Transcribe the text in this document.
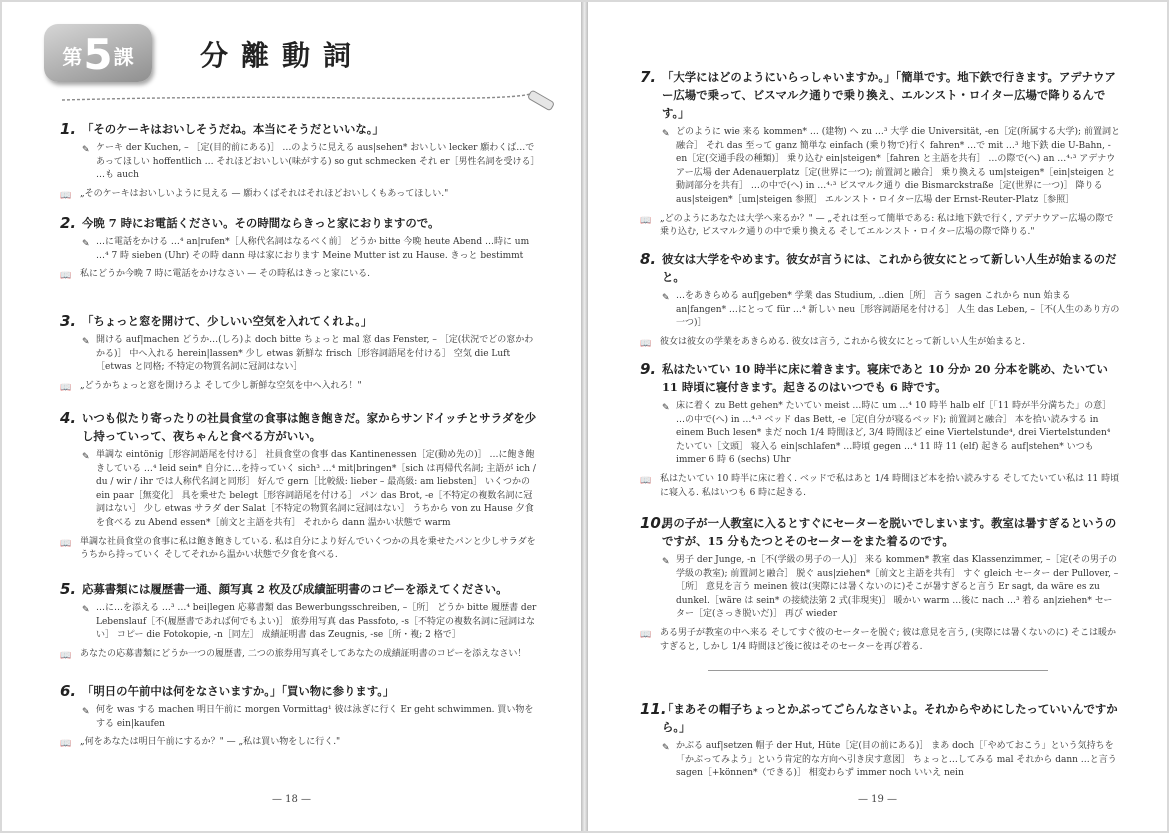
第 5 課 分離動詞
1. 「そのケーキはおいしそうだね。本当にそうだといいな。」
✎ ケーキ der Kuchen, – ［定(目的前にある)］ …のように見える aus|sehen* おいしい lecker 願わくば…であってほしい hoffentlich … それほどおいしい(味がする) so gut schmecken それ er［男性名詞を受ける］ …も auch
📖 „そのケーキはおいしいように見える — 願わくばそれはそれほどおいしくもあってほしい."
2. 今晩 7 時にお電話ください。その時間ならきっと家におりますので。
✎ …に電話をかける …⁴ an|rufen*［人称代名詞はなるべく前］ どうか bitte 今晩 heute Abend …時に um …⁴ 7 時 sieben (Uhr) その時 dann 母は家におります Meine Mutter ist zu Hause. きっと bestimmt
📖 私にどうか今晩 7 時に電話をかけなさい — その時私はきっと家にいる.
3. 「ちょっと窓を開けて、少しいい空気を入れてくれよ。」
✎ 開ける auf|machen どうか…(しろ)よ doch bitte ちょっと mal 窓 das Fenster, – ［定(状況でどの窓かわかる)］ 中へ入れる herein|lassen* 少し etwas 新鮮な frisch［形容詞語尾を付ける］ 空気 die Luft［etwas と同格; 不特定の物質名詞に冠詞はない］
📖 „どうかちょっと窓を開けろよ そして少し新鮮な空気を中へ入れろ！"
4. いつも似たり寄ったりの社員食堂の食事は飽き飽きだ。家からサンドイッチとサラダを少し持っていって、夜ちゃんと食べる方がいい。
✎ 単調な eintönig［形容詞語尾を付ける］ 社員食堂の食事 das Kantinenessen［定(動め先の)］ …に飽き飽きしている …⁴ leid sein* 自分に…を持っていく sich³ …⁴ mit|bringen*［sich は再帰代名詞; 主語が ich / du / wir / ihr では人称代名詞と同形］ 好んで gern［比較級: lieber – 最高級: am liebsten］ いくつかの ein paar［無変化］ 具を乗せた belegt［形容詞語尾を付ける］ パン das Brot, -e［不特定の複数名詞に冠詞はない］ 少し etwas サラダ der Salat［不特定の物質名詞に冠詞はない］ うちから von zu Hause 夕食を食べる zu Abend essen*［前文と主語を共有］ それから dann 温かい状態で warm
📖 単調な社員食堂の食事に私は飽き飽きしている. 私は自分により好んでいくつかの具を乗せたパンと少しサラダをうちから持っていく そしてそれから温かい状態で夕食を食べる.
5. 応募書類には履歴書一通、顔写真 2 枚及び成績証明書のコピーを添えてください。
✎ …に…を添える …³ …⁴ bei|legen 応募書類 das Bewerbungsschreiben, –［所］ どうか bitte 履歴書 der Lebenslauf［不(履歴書であれば何でもよい)］ 旅券用写真 das Passfoto, -s［不特定の複数名詞に冠詞はない］ コピー die Fotokopie, -n［同左］ 成績証明書 das Zeugnis, -se［所・複; 2 格で］
📖 あなたの応募書類にどうか一つの履歴書, 二つの旅券用写真そしてあなたの成績証明書のコピーを添えなさい！
6. 「明日の午前中は何をなさいますか。」「買い物に参ります。」
✎ 何を was する machen 明日午前に morgen Vormittag¹ 彼は泳ぎに行く Er geht schwimmen. 買い物をする ein|kaufen
📖 „何をあなたは明日午前にするか？" — „私は買い物をしに行く."
— 18 —
7. 「大学にはどのようにいらっしゃいますか。」「簡単です。地下鉄で行きます。アデナウアー広場で乗って、ビスマルク通りで乗り換え、エルンスト・ロイター広場で降りるんです。」
✎ どのように wie 来る kommen* … (建物) へ zu …³ 大学 die Universität, -en［定(所属する大学); 前置詞と融合］ それ das 至って ganz 簡単な einfach (乗り物で)行く fahren* …で mit …³ 地下鉄 die U-Bahn, -en［定(交通手段の種類)］ 乗り込む ein|steigen*［fahren と主語を共有］ …の際で(へ) an …⁴·³ アデナウアー広場 der Adenauerplatz［定(世界に一つ); 前置詞と融合］ 乗り換える um|steigen*［ein|steigen と動詞部分を共有］ …の中で(へ) in …⁴·³ ビスマルク通り die Bismarckstraße［定(世界に一つ)］ 降りる aus|steigen*［um|steigen 参照］ エルンスト・ロイター広場 der Ernst-Reuter-Platz［参照］
📖 „どのようにあなたは大学へ来るか？" — „それは至って簡単である: 私は地下鉄で行く, アデナウアー広場の際で乗り込む, ビスマルク通りの中で乗り換える そしてエルンスト・ロイター広場の際で降りる."
8. 彼女は大学をやめます。彼女が言うには、これから彼女にとって新しい人生が始まるのだと。
✎ …をあきらめる auf|geben* 学業 das Studium, ..dien［所］ 言う sagen これから nun 始まる an|fangen* …にとって für …⁴ 新しい neu［形容詞語尾を付ける］ 人生 das Leben, –［不(人生のあり方の一つ)］
📖 彼女は彼女の学業をあきらめる. 彼女は言う, これから彼女にとって新しい人生が始まると.
9. 私はたいてい 10 時半に床に着きます。寝床であと 10 分か 20 分本を眺め、たいてい 11 時頃に寝付きます。起きるのはいつでも 6 時です。
✎ 床に着く zu Bett gehen* たいてい meist …時に um …⁴ 10 時半 halb elf［「11 時が半分満ちた」の意］ …の中で(へ) in …⁴·³ ベッド das Bett, -e［定(自分が寝るベッド); 前置詞と融合］ 本を拾い読みする in einem Buch lesen* まだ noch 1/4 時間ほど, 3/4 時間ほど eine Viertelstunde⁴, drei Viertelstunden⁴ たいてい［文頭］ 寝入る ein|schlafen* …時頃 gegen …⁴ 11 時 11 (elf) 起きる auf|stehen* いつも immer 6 時 6 (sechs) Uhr
📖 私はたいてい 10 時半に床に着く. ベッドで私はあと 1/4 時間ほど本を拾い読みする そしてたいてい私は 11 時頃に寝入る. 私はいつも 6 時に起きる.
10.
男の子が一人教室に入るとすぐにセーターを脱いでしまいます。教室は暑すぎるというのですが、15 分もたつとそのセーターをまた着るのです。
✎ 男子 der Junge, -n［不(学級の男子の一人)］ 来る kommen* 教室 das Klassenzimmer, –［定(その男子の学級の教室); 前置詞と融合］ 脱ぐ aus|ziehen*［前文と主語を共有］ すぐ gleich セーター der Pullover, –［所］ 意見を言う meinen 彼は(実際には暑くないのに)そこが暑すぎると言う Er sagt, da wäre es zu dunkel.［wäre は sein* の接続法第 2 式(非現実)］ 暖かい warm …後に nach …³ 着る an|ziehen* セーター［定(さっき脱いだ)］ 再び wieder
📖 ある男子が教室の中へ来る そしてすぐ彼のセーターを脱ぐ; 彼は意見を言う, (実際には暑くないのに) そこは暖かすぎると, しかし 1/4 時間ほど後に彼はそのセーターを再び着る.
11.
「まあその帽子ちょっとかぶってごらんなさいよ。それからやめにしたっていいんですから。」
✎ かぶる auf|setzen 帽子 der Hut, Hüte［定(目の前にある)］ まあ doch［「やめておこう」という気持ちを「かぶってみよう」という肯定的な方向へ引き戻す意図］ ちょっと…してみる mal それから dann …と言う sagen［+können*（できる)］ 相変わらず immer noch いいえ nein
— 19 —
